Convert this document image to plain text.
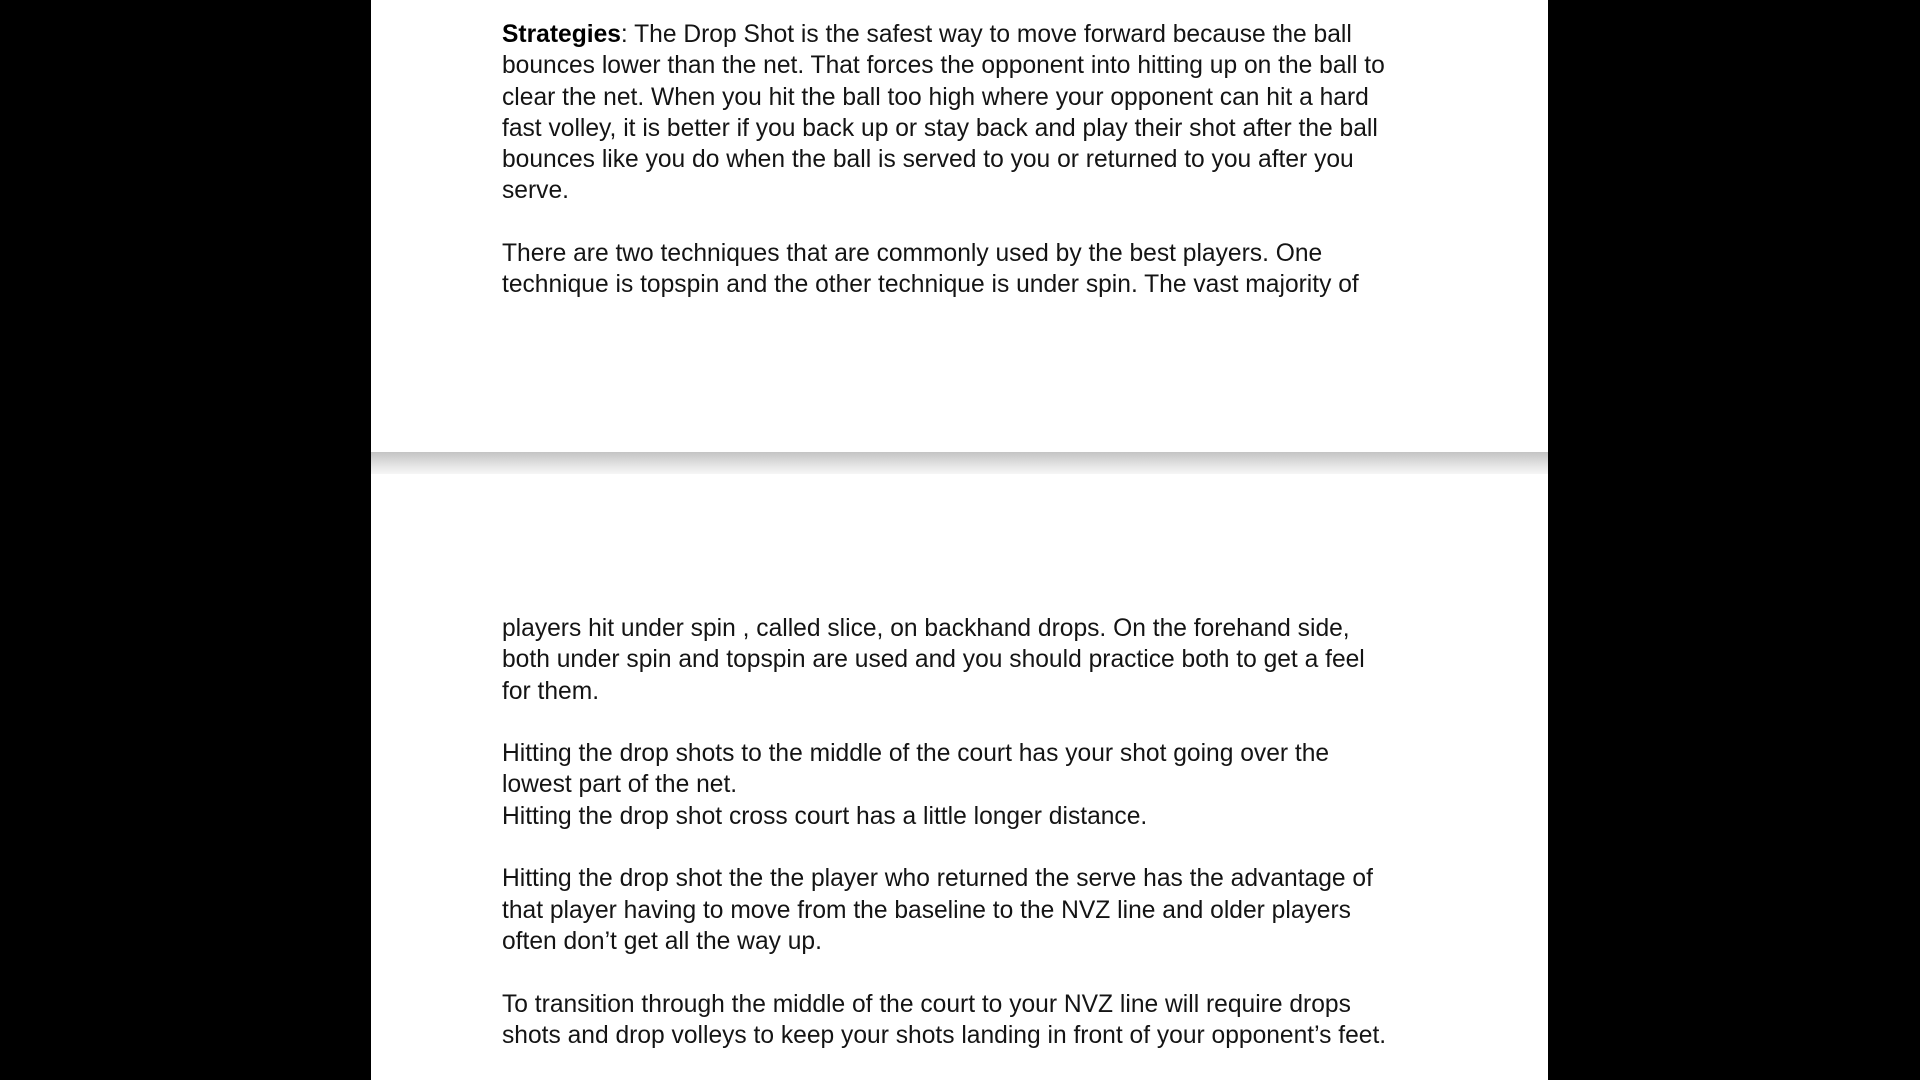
Strategies: The Drop Shot is the safest way to move forward because the ball
bounces lower than the net. That forces the opponent into hitting up on the ball to
clear the net. When you hit the ball too high where your opponent can hit a hard
fast volley, it is better if you back up or stay back and play their shot after the ball
bounces like you do when the ball is served to you or returned to you after you
serve.

There are two techniques that are commonly used by the best players. One
technique is topspin and the other technique is under spin. The vast majority of

players hit under spin , called slice, on backhand drops. On the forehand side,
both under spin and topspin are used and you should practice both to get a feel
for them.

Hitting the drop shots to the middle of the court has your shot going over the
lowest part of the net.

Hitting the drop shot cross court has a little longer distance.

Hitting the drop shot the the player who returned the serve has the advantage of
that player having to move from the baseline to the NVZ line and older players
often don’t get all the way up.

To transition through the middle of the court to your NVZ line will require drops
shots and drop volleys to keep your shots landing in front of your opponent’s feet.
